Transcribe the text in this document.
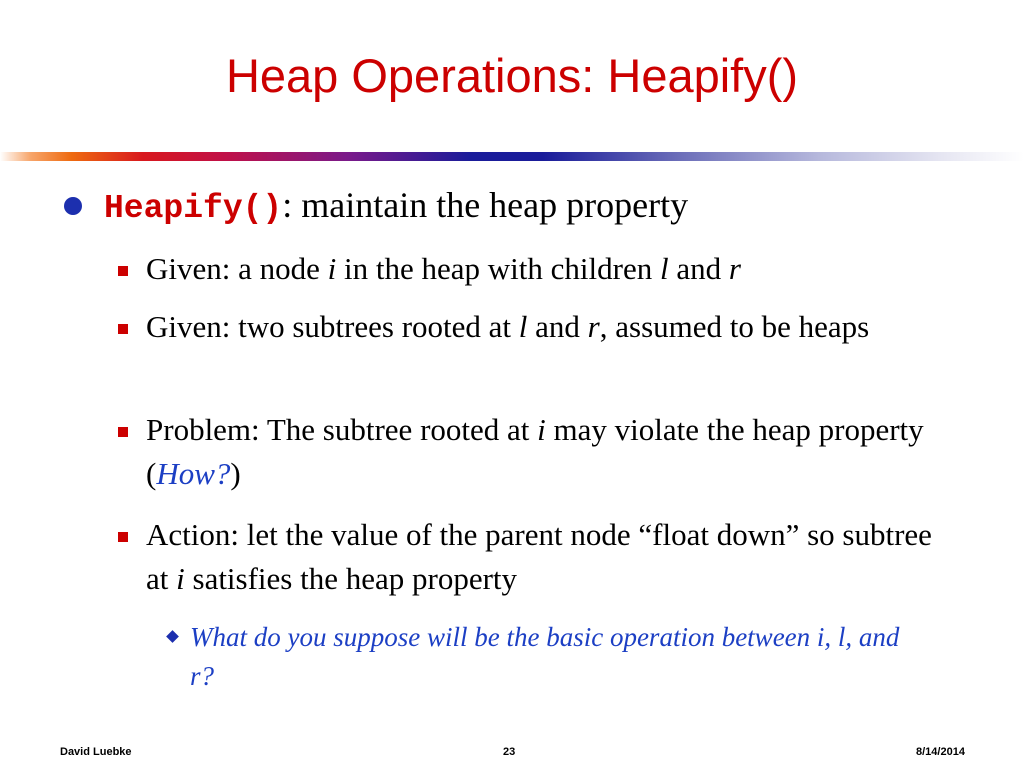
Heap Operations: Heapify()
Heapify(): maintain the heap property
Given: a node i in the heap with children l and r
Given: two subtrees rooted at l and r, assumed to be heaps
Problem: The subtree rooted at i may violate the heap property (How?)
Action: let the value of the parent node “float down” so subtree at i satisfies the heap property
What do you suppose will be the basic operation between i, l, and r?
David Luebke	23	8/14/2014
